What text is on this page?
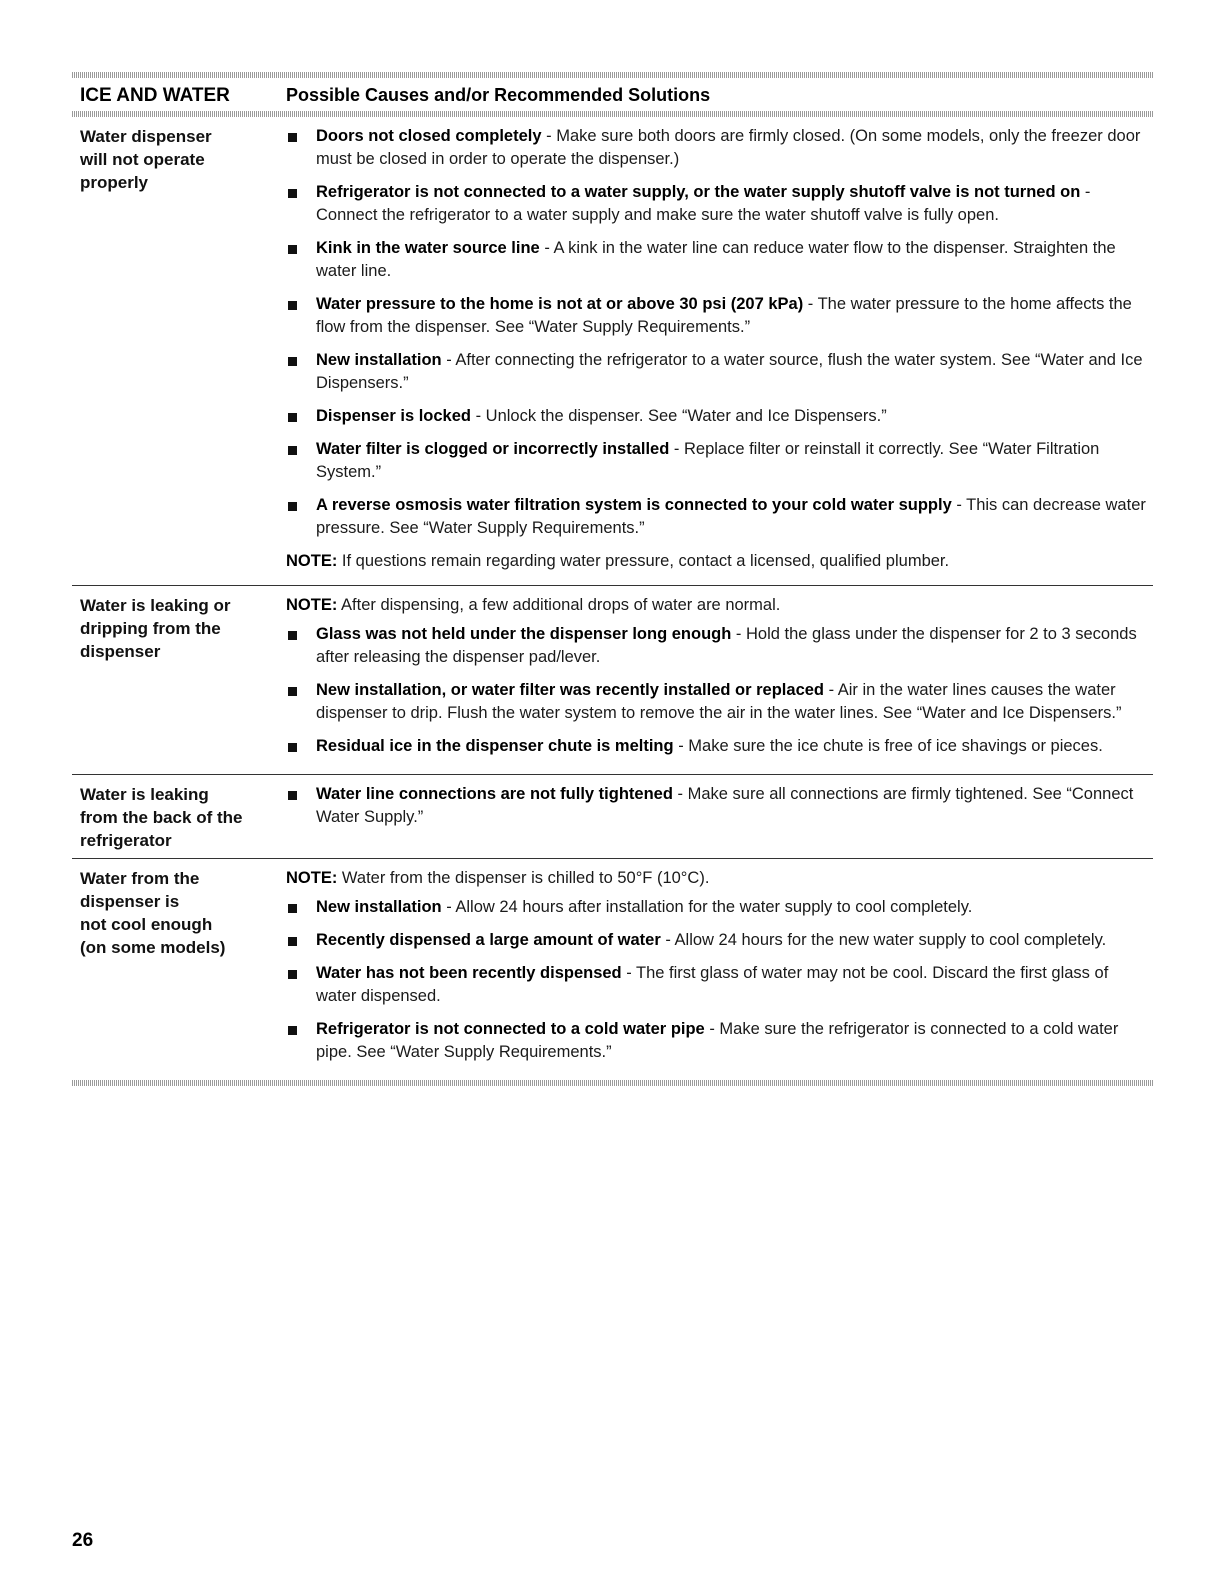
ICE AND WATER	Possible Causes and/or Recommended Solutions
Water dispenser
will not operate
properly
Doors not closed completely - Make sure both doors are firmly closed. (On some models, only the freezer door must be closed in order to operate the dispenser.)
Refrigerator is not connected to a water supply, or the water supply shutoff valve is not turned on - Connect the refrigerator to a water supply and make sure the water shutoff valve is fully open.
Kink in the water source line - A kink in the water line can reduce water flow to the dispenser. Straighten the water line.
Water pressure to the home is not at or above 30 psi (207 kPa) - The water pressure to the home affects the flow from the dispenser. See “Water Supply Requirements.”
New installation - After connecting the refrigerator to a water source, flush the water system. See “Water and Ice Dispensers.”
Dispenser is locked - Unlock the dispenser. See “Water and Ice Dispensers.”
Water filter is clogged or incorrectly installed - Replace filter or reinstall it correctly. See “Water Filtration System.”
A reverse osmosis water filtration system is connected to your cold water supply - This can decrease water pressure. See “Water Supply Requirements.”
NOTE: If questions remain regarding water pressure, contact a licensed, qualified plumber.
Water is leaking or
dripping from the
dispenser
NOTE: After dispensing, a few additional drops of water are normal.
Glass was not held under the dispenser long enough - Hold the glass under the dispenser for 2 to 3 seconds after releasing the dispenser pad/lever.
New installation, or water filter was recently installed or replaced - Air in the water lines causes the water dispenser to drip. Flush the water system to remove the air in the water lines. See “Water and Ice Dispensers.”
Residual ice in the dispenser chute is melting - Make sure the ice chute is free of ice shavings or pieces.
Water is leaking
from the back of the
refrigerator
Water line connections are not fully tightened - Make sure all connections are firmly tightened. See “Connect Water Supply.”
Water from the
dispenser is
not cool enough
(on some models)
NOTE: Water from the dispenser is chilled to 50°F (10°C).
New installation - Allow 24 hours after installation for the water supply to cool completely.
Recently dispensed a large amount of water - Allow 24 hours for the new water supply to cool completely.
Water has not been recently dispensed - The first glass of water may not be cool. Discard the first glass of water dispensed.
Refrigerator is not connected to a cold water pipe - Make sure the refrigerator is connected to a cold water pipe. See “Water Supply Requirements.”
26
